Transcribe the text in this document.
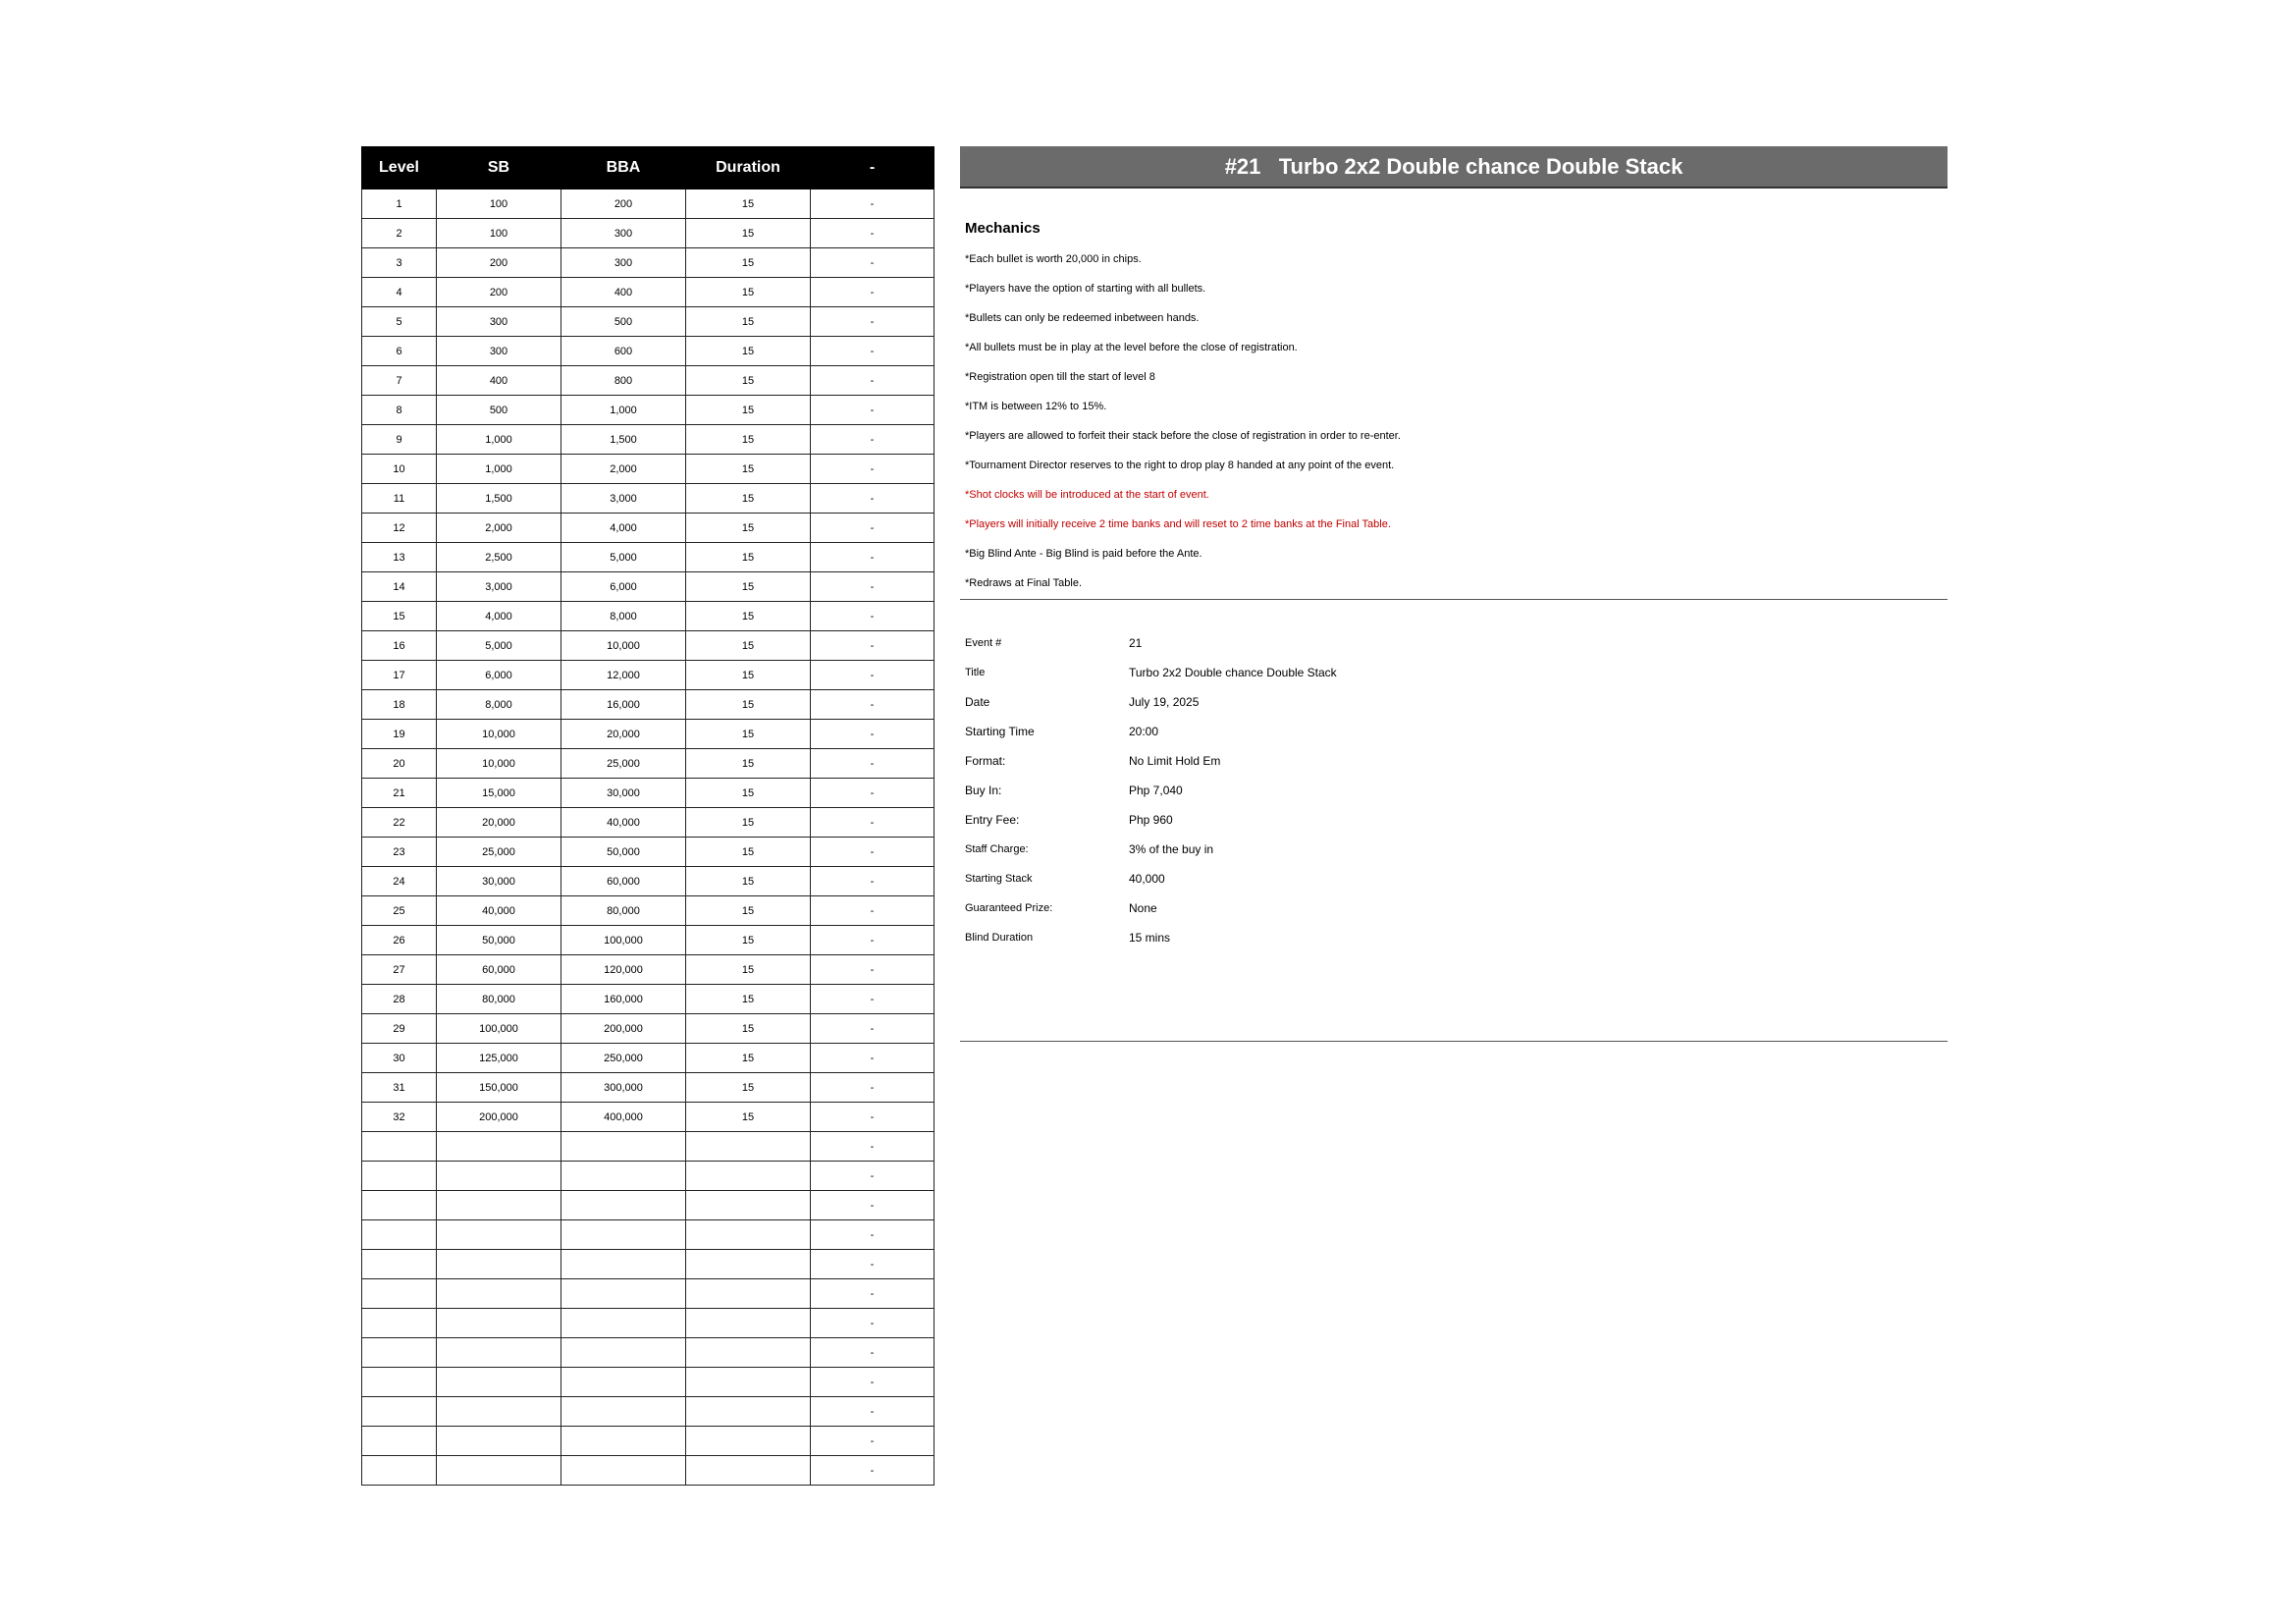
Level	SB	BBA	Duration	-
1	100	200	15	-
2	100	300	15	-
3	200	300	15	-
4	200	400	15	-
5	300	500	15	-
6	300	600	15	-
7	400	800	15	-
8	500	1,000	15	-
9	1,000	1,500	15	-
10	1,000	2,000	15	-
11	1,500	3,000	15	-
12	2,000	4,000	15	-
13	2,500	5,000	15	-
14	3,000	6,000	15	-
15	4,000	8,000	15	-
16	5,000	10,000	15	-
17	6,000	12,000	15	-
18	8,000	16,000	15	-
19	10,000	20,000	15	-
20	10,000	25,000	15	-
21	15,000	30,000	15	-
22	20,000	40,000	15	-
23	25,000	50,000	15	-
24	30,000	60,000	15	-
25	40,000	80,000	15	-
26	50,000	100,000	15	-
27	60,000	120,000	15	-
28	80,000	160,000	15	-
29	100,000	200,000	15	-
30	125,000	250,000	15	-
31	150,000	300,000	15	-
32	200,000	400,000	15	-
				-
				-
				-
				-
				-
				-
				-
				-
				-
				-
				-
				-
#21   Turbo 2x2 Double chance Double Stack
Mechanics
*Each bullet is worth 20,000 in chips.
*Players have the option of starting with all bullets.
*Bullets can only be redeemed inbetween hands.
*All bullets must be in play at the level before the close of registration.
*Registration open till the start of level 8
*ITM is between 12% to 15%.
*Players are allowed to forfeit their stack before the close of registration in order to re-enter.
*Tournament Director reserves to the right to drop play 8 handed at any point of the event.
*Shot clocks will be introduced at the start of event.
*Players will initially receive 2 time banks and will reset to 2 time banks at the Final Table.
*Big Blind Ante - Big Blind is paid before the Ante.
*Redraws at Final Table.
Event #	21
Title	Turbo 2x2 Double chance Double Stack
Date	July 19, 2025
Starting Time	20:00
Format:	No Limit Hold Em
Buy In:	Php 7,040
Entry Fee:	Php 960
Staff Charge:	3% of the buy in
Starting Stack	40,000
Guaranteed Prize:	None
Blind Duration	15 mins
